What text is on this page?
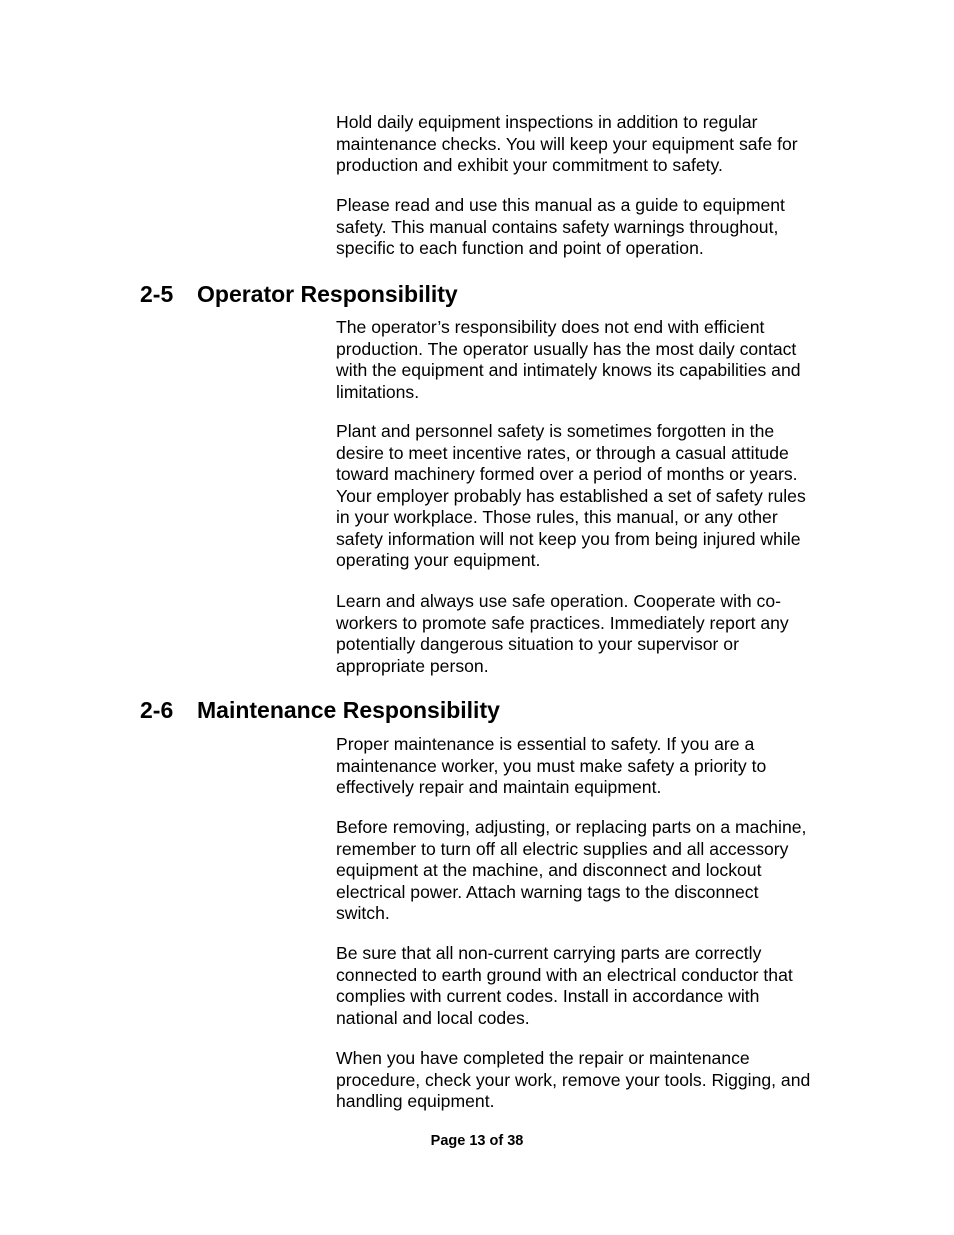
Hold daily equipment inspections in addition to regular
maintenance checks. You will keep your equipment safe for
production and exhibit your commitment to safety.

Please read and use this manual as a guide to equipment
safety. This manual contains safety warnings throughout,
specific to each function and point of operation.

2-5 Operator Responsibility

The operator’s responsibility does not end with efficient
production. The operator usually has the most daily contact
with the equipment and intimately knows its capabilities and
limitations.

Plant and personnel safety is sometimes forgotten in the
desire to meet incentive rates, or through a casual attitude
toward machinery formed over a period of months or years.
Your employer probably has established a set of safety rules
in your workplace. Those rules, this manual, or any other
safety information will not keep you from being injured while
operating your equipment.

Learn and always use safe operation. Cooperate with co-
workers to promote safe practices. Immediately report any
potentially dangerous situation to your supervisor or
appropriate person.

2-6 Maintenance Responsibility

Proper maintenance is essential to safety. If you are a
maintenance worker, you must make safety a priority to
effectively repair and maintain equipment.

Before removing, adjusting, or replacing parts on a machine,
remember to turn off all electric supplies and all accessory
equipment at the machine, and disconnect and lockout
electrical power. Attach warning tags to the disconnect
switch.

Be sure that all non-current carrying parts are correctly
connected to earth ground with an electrical conductor that
complies with current codes. Install in accordance with
national and local codes.

When you have completed the repair or maintenance
procedure, check your work, remove your tools. Rigging, and
handling equipment.

Page 13 of 38
